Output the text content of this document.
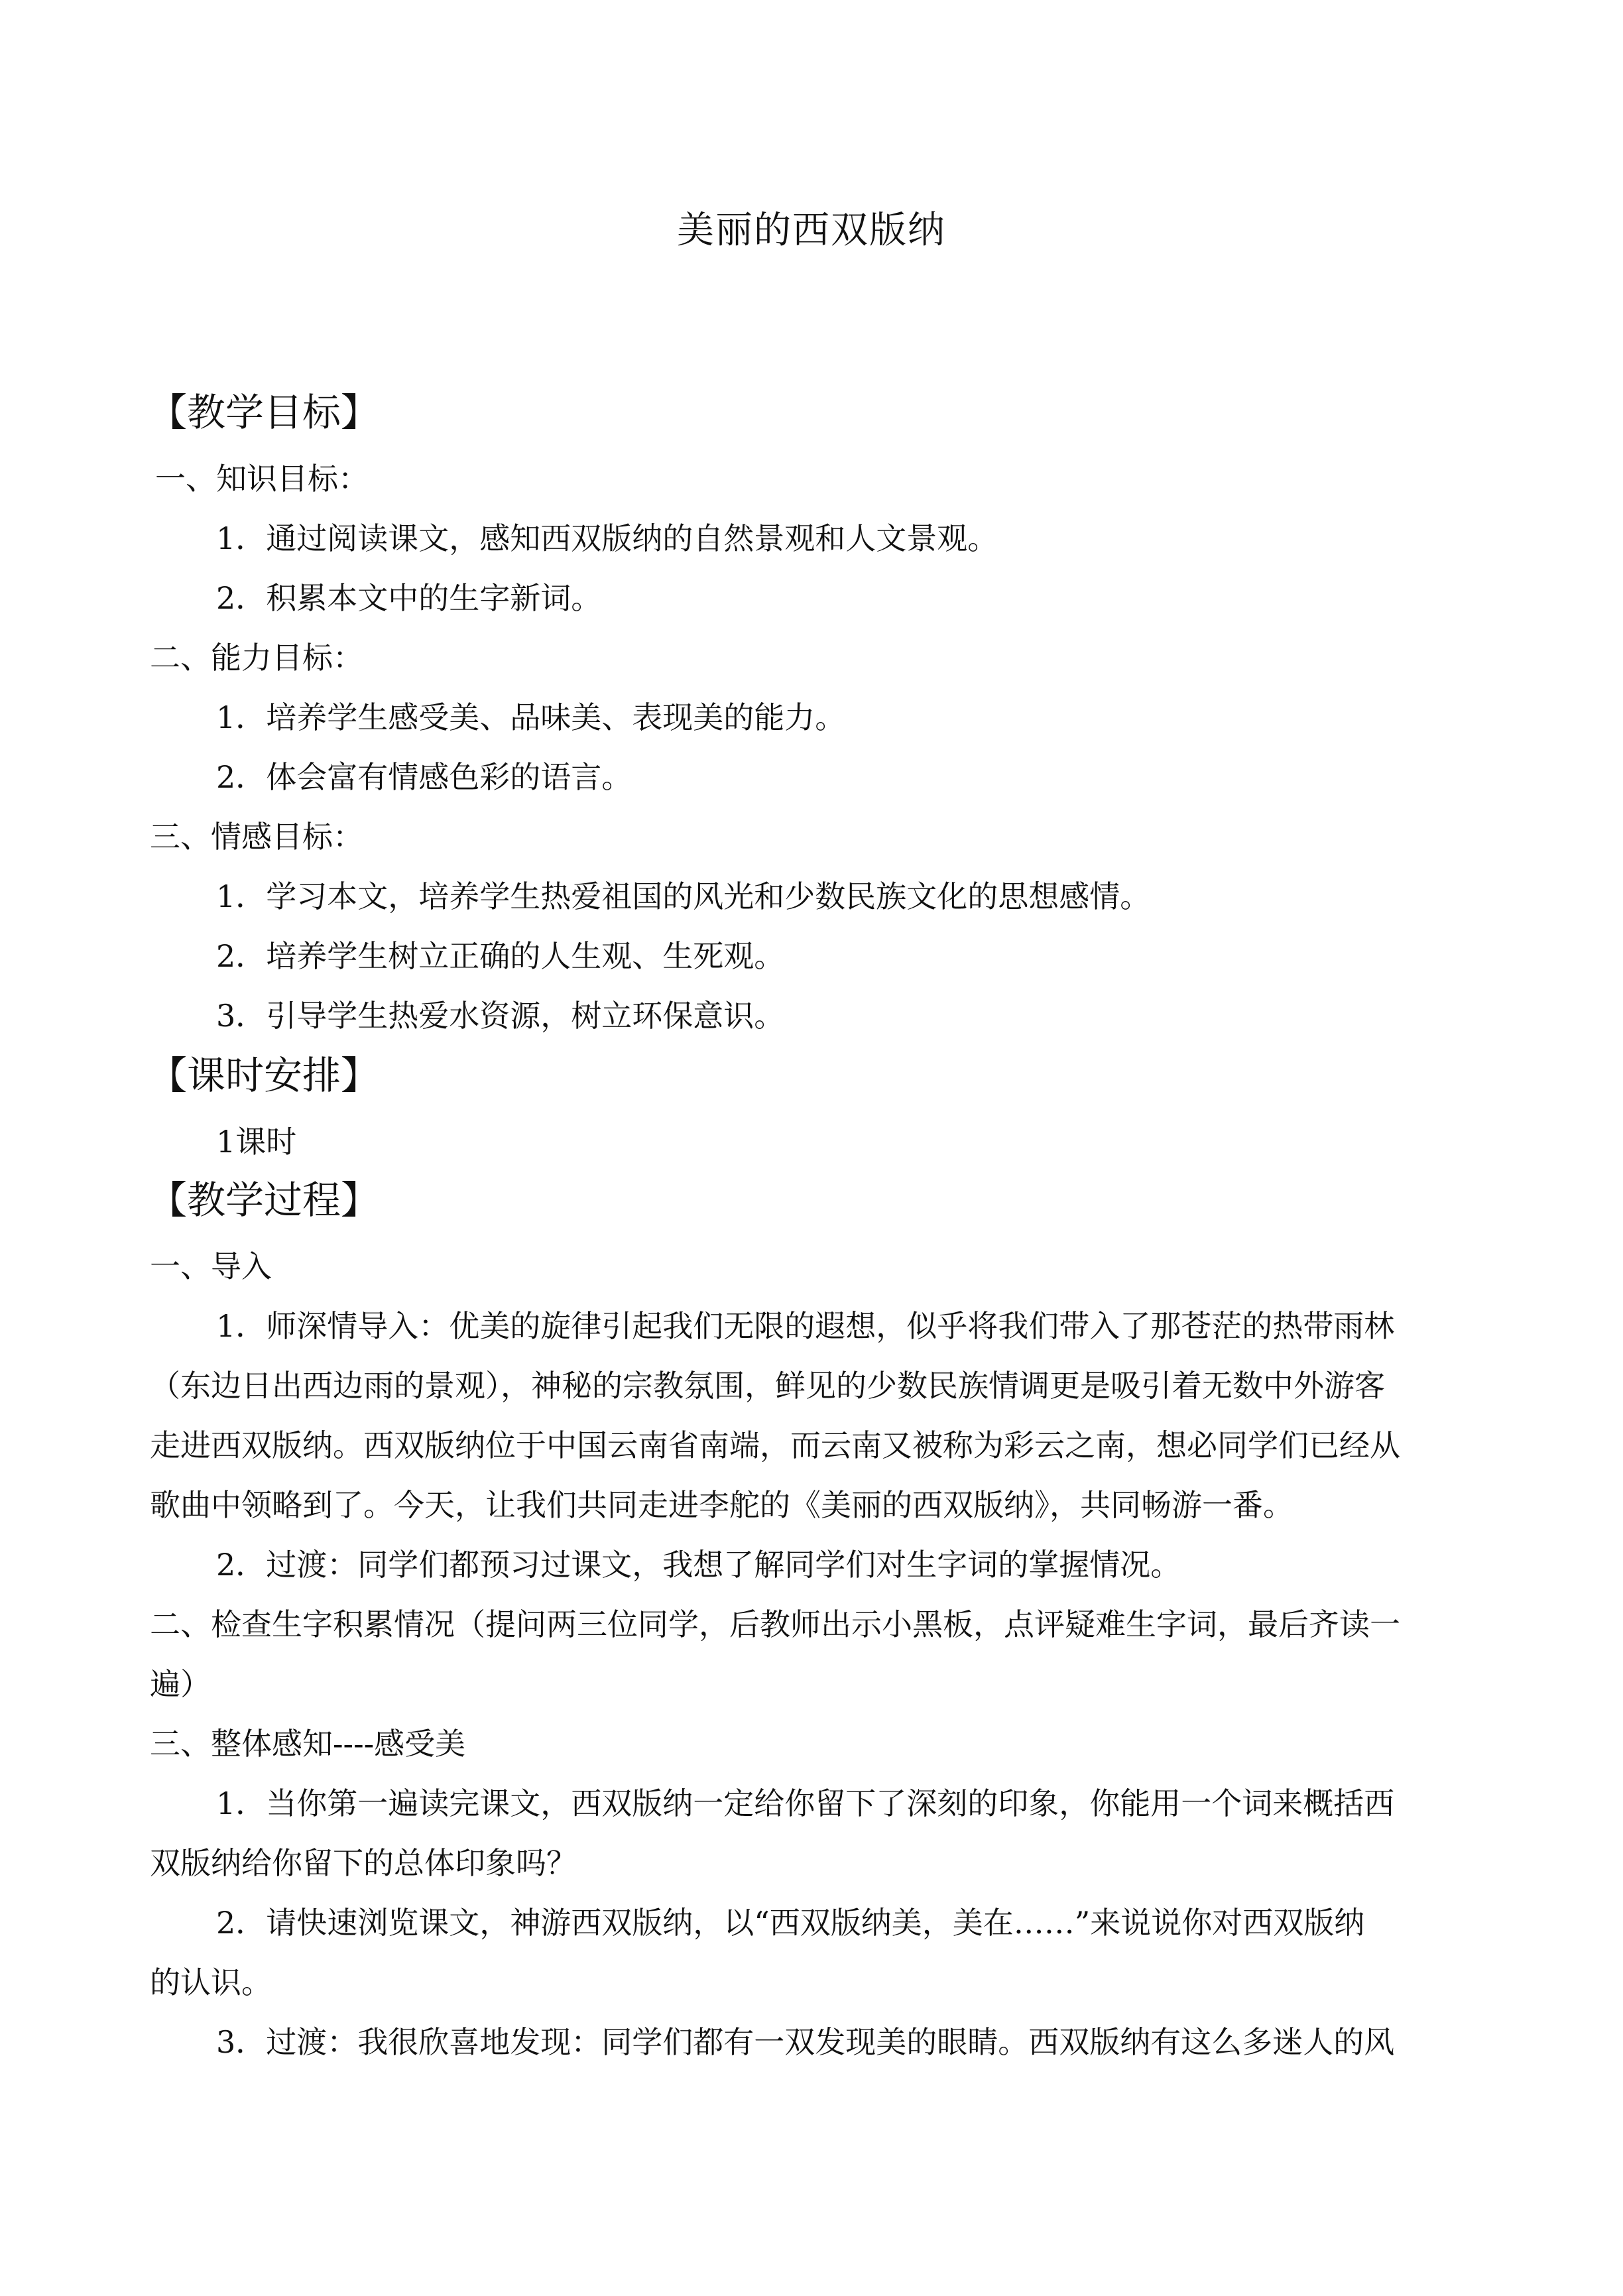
美丽的西双版纳
【教学目标】
一、知识目标：
1．通过阅读课文，感知西双版纳的自然景观和人文景观。
2．积累本文中的生字新词。
二、能力目标：
1．培养学生感受美、品味美、表现美的能力。
2．体会富有情感色彩的语言。
三、情感目标：
1．学习本文，培养学生热爱祖国的风光和少数民族文化的思想感情。
2．培养学生树立正确的人生观、生死观。
3．引导学生热爱水资源，树立环保意识。
【课时安排】
1课时
【教学过程】
一、导入
1．师深情导入：优美的旋律引起我们无限的遐想，似乎将我们带入了那苍茫的热带雨林
（东边日出西边雨的景观），神秘的宗教氛围，鲜见的少数民族情调更是吸引着无数中外游客
走进西双版纳。西双版纳位于中国云南省南端，而云南又被称为彩云之南，想必同学们已经从
歌曲中领略到了。今天，让我们共同走进李舵的《美丽的西双版纳》，共同畅游一番。
2．过渡：同学们都预习过课文，我想了解同学们对生字词的掌握情况。
二、检查生字积累情况（提问两三位同学，后教师出示小黑板，点评疑难生字词，最后齐读一
遍）
三、整体感知----感受美
1．当你第一遍读完课文，西双版纳一定给你留下了深刻的印象，你能用一个词来概括西
双版纳给你留下的总体印象吗？
2．请快速浏览课文，神游西双版纳，以“西双版纳美，美在……”来说说你对西双版纳
的认识。
3．过渡：我很欣喜地发现：同学们都有一双发现美的眼睛。西双版纳有这么多迷人的风
